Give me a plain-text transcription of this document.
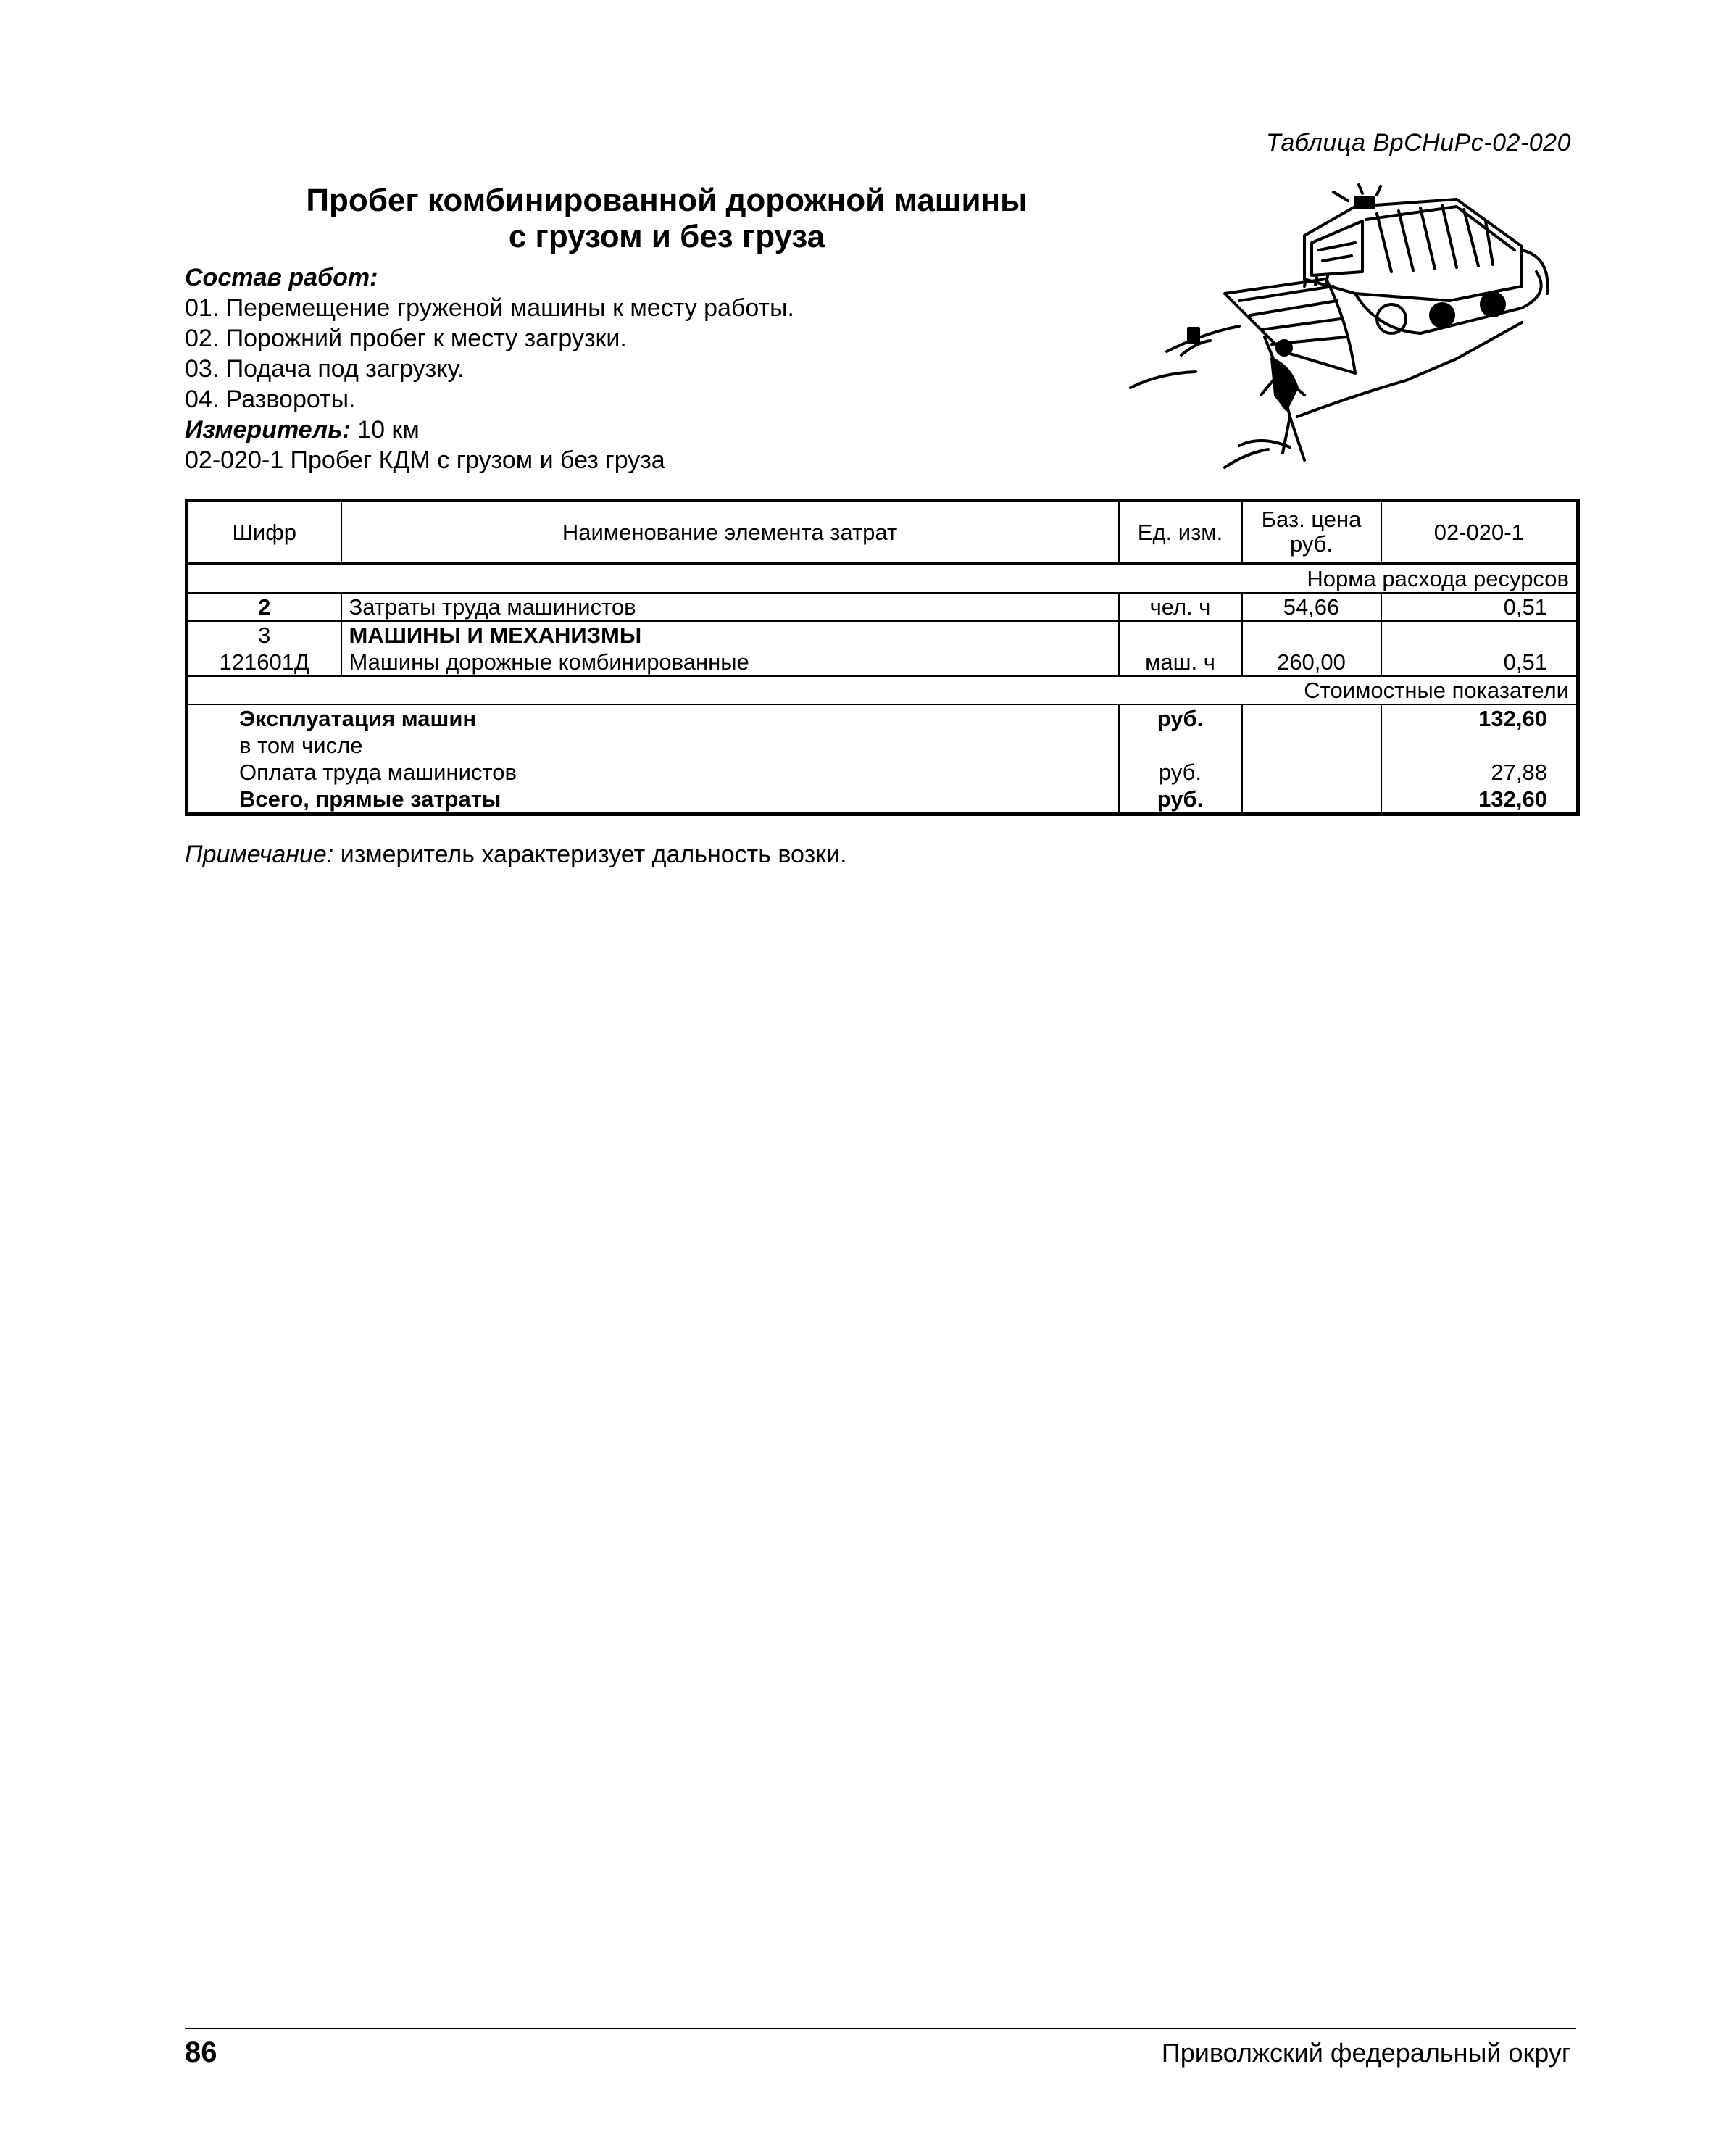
Таблица ВрСНиРс-02-020
Пробег комбинированной дорожной машины
с грузом и без груза
Состав работ:
01. Перемещение груженой машины к месту работы.
02. Порожний пробег к месту загрузки.
03. Подача под загрузку.
04. Развороты.
Измеритель: 10 км
02-020-1 Пробег КДМ с грузом и без груза
Шифр	Наименование элемента затрат	Ед. изм.	Баз. цена руб.	02-020-1
Норма расхода ресурсов				
2	Затраты труда машинистов	чел. ч	54,66	0,51
3	МАШИНЫ И МЕХАНИЗМЫ			
121601Д	Машины дорожные комбинированные	маш. ч	260,00	0,51
Стоимостные показатели				
Эксплуатация машин		руб.		132,60
в том числе				
Оплата труда машинистов		руб.		27,88
Всего, прямые затраты		руб.		132,60
Примечание: измеритель характеризует дальность возки.
86	Приволжский федеральный округ
